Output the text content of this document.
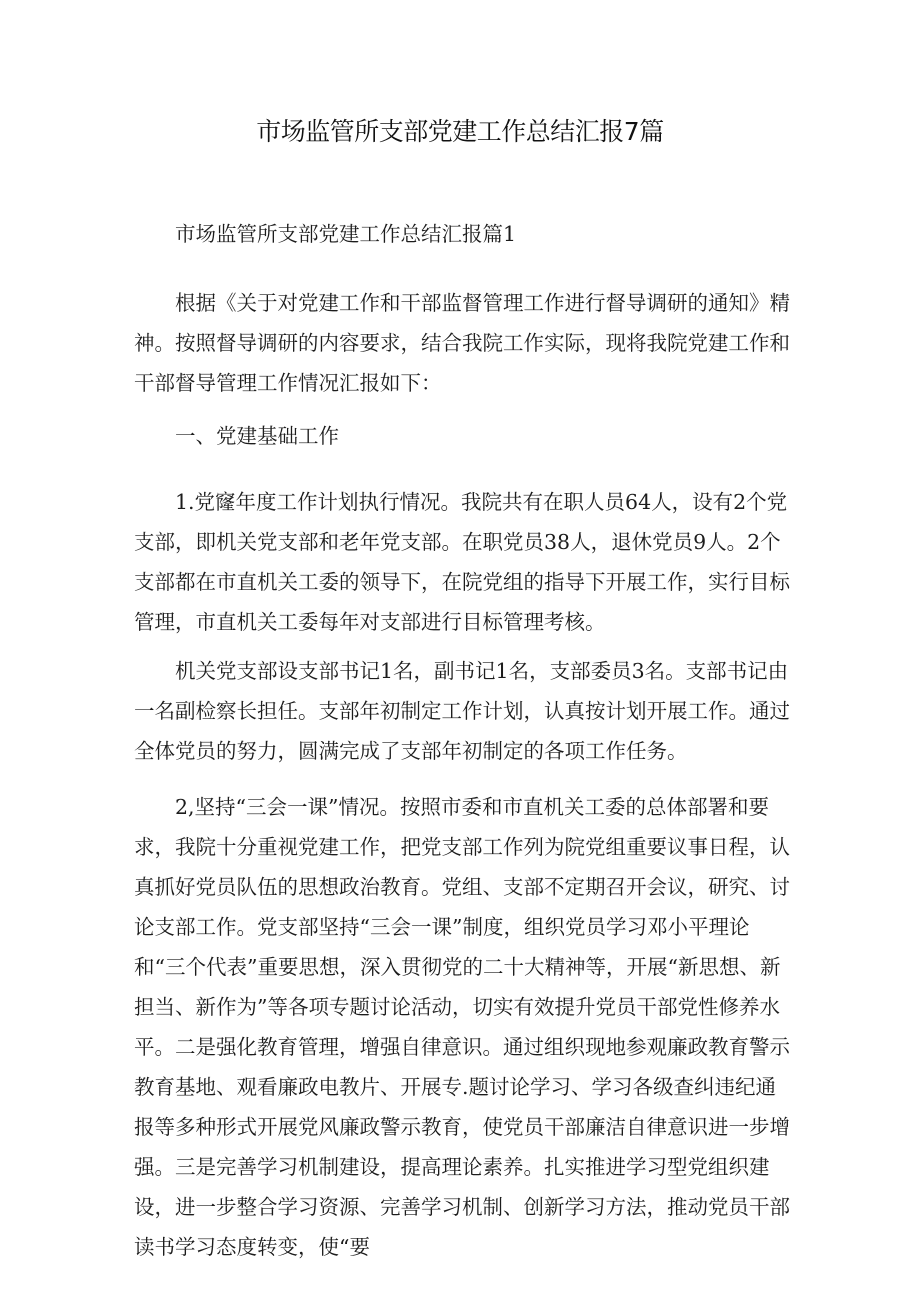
市场监管所支部党建工作总结汇报7篇

市场监管所支部党建工作总结汇报篇1

根据《关于对党建工作和干部监督管理工作进行督导调研的通知》精神。按照督导调研的内容要求，结合我院工作实际，现将我院党建工作和干部督导管理工作情况汇报如下：

一、党建基础工作

1.党窿年度工作计划执行情况。我院共有在职人员64人，设有2个党支部，即机关党支部和老年党支部。在职党员38人，退休党员9人。2个支部都在市直机关工委的领导下，在院党组的指导下开展工作，实行目标管理，市直机关工委每年对支部进行目标管理考核。

机关党支部设支部书记1名，副书记1名，支部委员3名。支部书记由一名副检察长担任。支部年初制定工作计划，认真按计划开展工作。通过全体党员的努力，圆满完成了支部年初制定的各项工作任务。

2,坚持“三会一课”情况。按照市委和市直机关工委的总体部署和要求，我院十分重视党建工作，把党支部工作列为院党组重要议事日程，认真抓好党员队伍的思想政治教育。党组、支部不定期召开会议，研究、讨论支部工作。党支部坚持“三会一课”制度，组织党员学习邓小平理论和“三个代表”重要思想，深入贯彻党的二十大精神等，开展“新思想、新担当、新作为”等各项专题讨论活动，切实有效提升党员干部党性修养水平。二是强化教育管理，增强自律意识。通过组织现地参观廉政教育警示教育基地、观看廉政电教片、开展专.题讨论学习、学习各级查纠违纪通报等多种形式开展党风廉政警示教育，使党员干部廉洁自律意识进一步增强。三是完善学习机制建设，提高理论素养。扎实推进学习型党组织建设，进一步整合学习资源、完善学习机制、创新学习方法，推动党员干部读书学习态度转变，使“要
